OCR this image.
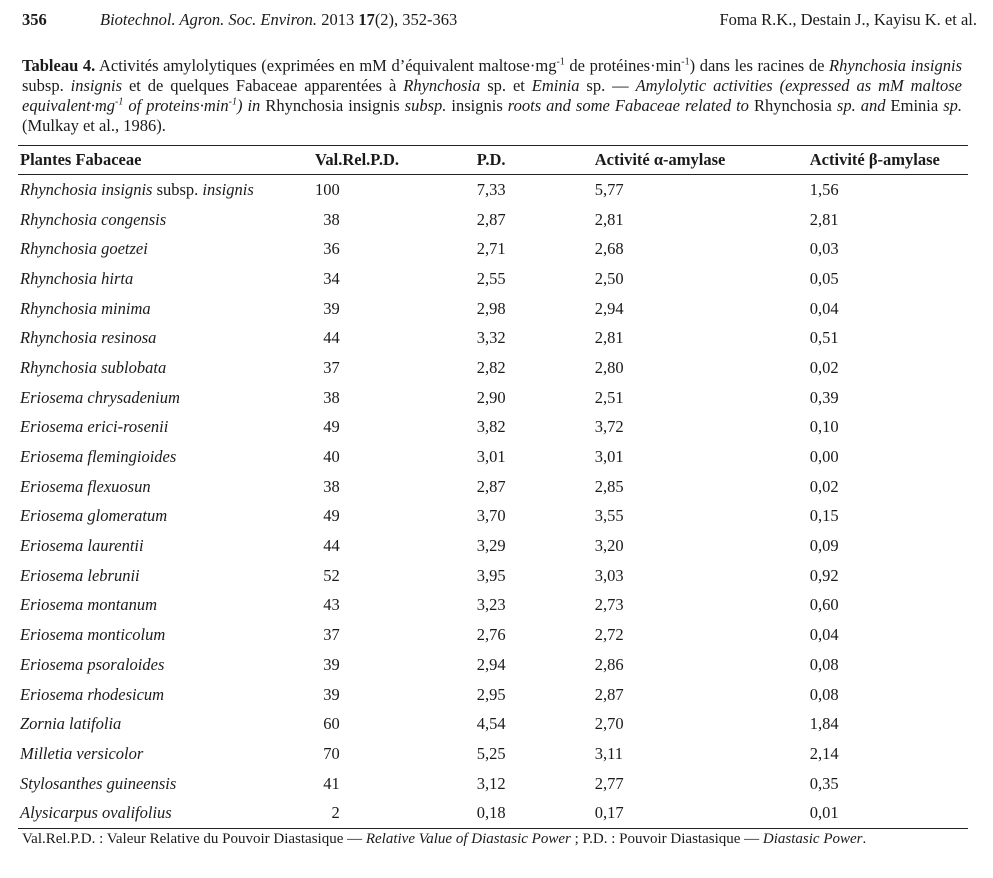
356	Biotechnol. Agron. Soc. Environ. 2013 17(2), 352-363	Foma R.K., Destain J., Kayisu K. et al.
Tableau 4. Activités amylolytiques (exprimées en mM d’équivalent $maltose\cdot mg^{-1}$ de $protéines\cdot\min^{-1}$) dans les racines de Rhynchosia insignis subsp. insignis et de quelques Fabaceae apparentées à Rhynchosia sp. et Eminia sp. — Amylolytic activities (expressed as mM maltose $equivalent\cdot mg^{-1}$ of $proteins\cdot\min^{-1}$) in Rhynchosia insignis subsp. insignis roots and some Fabaceae related to Rhynchosia sp. and Eminia sp. (Mulkay et al., 1986).
Plantes Fabaceae	Val.Rel.P.D.	P.D.	Activité α-amylase	Activité β-amylase
Rhynchosia insignis subsp. insignis	100	7,33	5,77	1,56
Rhynchosia congensis	38	2,87	2,81	2,81
Rhynchosia goetzei	36	2,71	2,68	0,03
Rhynchosia hirta	34	2,55	2,50	0,05
Rhynchosia minima	39	2,98	2,94	0,04
Rhynchosia resinosa	44	3,32	2,81	0,51
Rhynchosia sublobata	37	2,82	2,80	0,02
Eriosema chrysadenium	38	2,90	2,51	0,39
Eriosema erici-rosenii	49	3,82	3,72	0,10
Eriosema flemingioides	40	3,01	3,01	0,00
Eriosema flexuosun	38	2,87	2,85	0,02
Eriosema glomeratum	49	3,70	3,55	0,15
Eriosema laurentii	44	3,29	3,20	0,09
Eriosema lebrunii	52	3,95	3,03	0,92
Eriosema montanum	43	3,23	2,73	0,60
Eriosema monticolum	37	2,76	2,72	0,04
Eriosema psoraloides	39	2,94	2,86	0,08
Eriosema rhodesicum	39	2,95	2,87	0,08
Zornia latifolia	60	4,54	2,70	1,84
Milletia versicolor	70	5,25	3,11	2,14
Stylosanthes guineensis	41	3,12	2,77	0,35
Alysicarpus ovalifolius	2	0,18	0,17	0,01
Val.Rel.P.D. : Valeur Relative du Pouvoir Diastasique — Relative Value of Diastasic Power ; P.D. : Pouvoir Diastasique — Diastasic Power.
